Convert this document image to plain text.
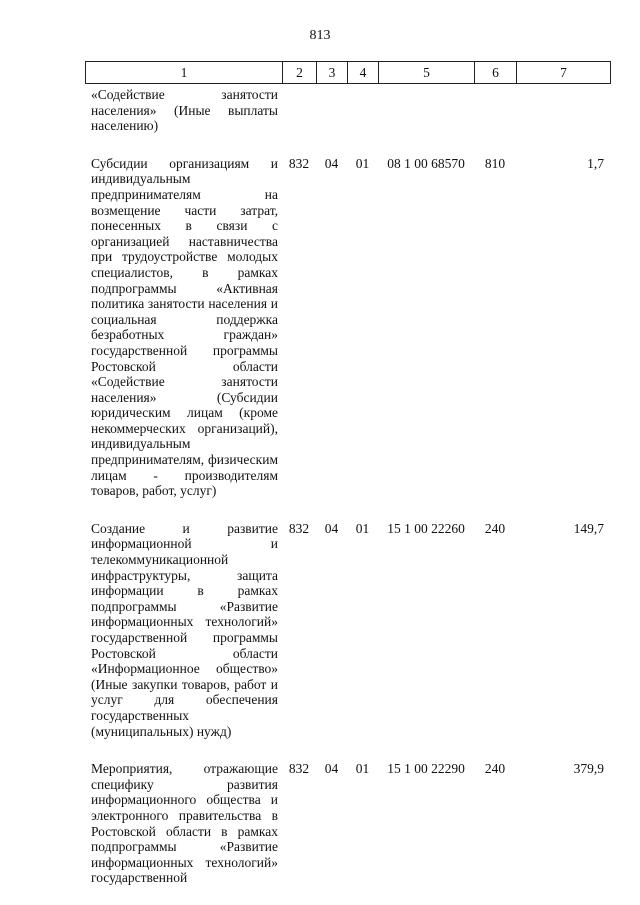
813
1	2	3	4	5	6	7
«Содействие занятости населения» (Иные выплаты населению)						
Субсидии организациям и индивидуальным предпринимателям на возмещение части затрат, понесенных в связи с организацией наставничества при трудоустройстве молодых специалистов, в рамках подпрограммы «Активная политика занятости населения и социальная поддержка безработных граждан» государственной программы Ростовской области «Содействие занятости населения» (Субсидии юридическим лицам (кроме некоммерческих организаций), индивидуальным предпринимателям, физическим лицам - производителям товаров, работ, услуг)	832	04	01	08 1 00 68570	810	1,7
Создание и развитие информационной и телекоммуникационной инфраструктуры, защита информации в рамках подпрограммы «Развитие информационных технологий» государственной программы Ростовской области «Информационное общество» (Иные закупки товаров, работ и услуг для обеспечения государственных (муниципальных) нужд)	832	04	01	15 1 00 22260	240	149,7
Мероприятия, отражающие специфику развития информационного общества и электронного правительства в Ростовской области в рамках подпрограммы «Развитие информационных технологий» государственной	832	04	01	15 1 00 22290	240	379,9
